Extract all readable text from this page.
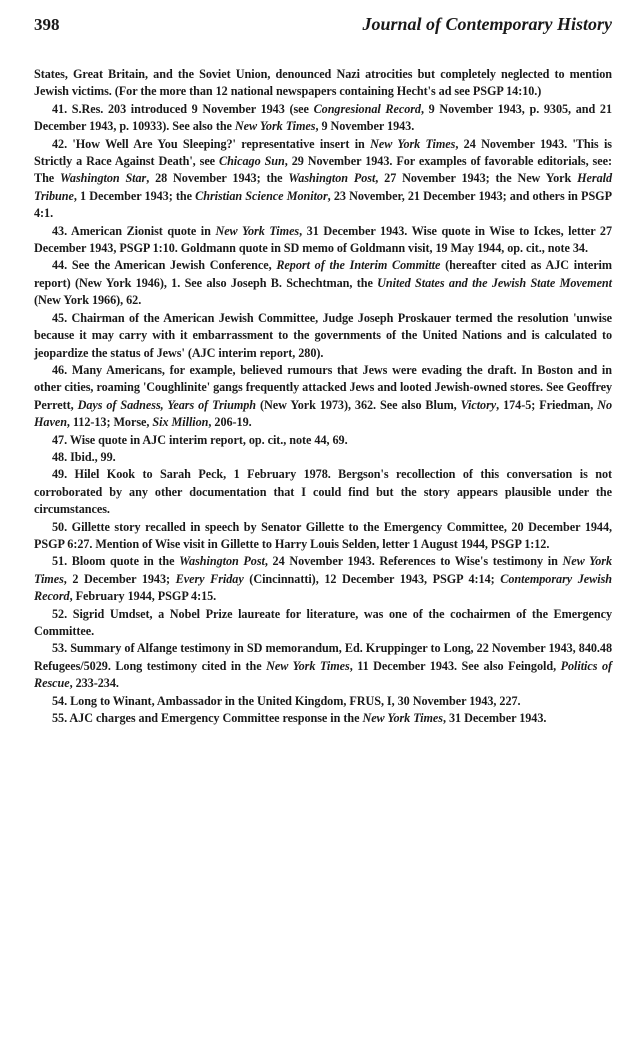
398	Journal of Contemporary History

States, Great Britain, and the Soviet Union, denounced Nazi atrocities but completely neglected to mention Jewish victims. (For the more than 12 national newspapers containing Hecht's ad see PSGP 14:10.)

41. S.Res. 203 introduced 9 November 1943 (see Congresional Record, 9 November 1943, p. 9305, and 21 December 1943, p. 10933). See also the New York Times, 9 November 1943.

42. 'How Well Are You Sleeping?' representative insert in New York Times, 24 November 1943. 'This is Strictly a Race Against Death', see Chicago Sun, 29 November 1943. For examples of favorable editorials, see: The Washington Star, 28 November 1943; the Washington Post, 27 November 1943; the New York Herald Tribune, 1 December 1943; the Christian Science Monitor, 23 November, 21 December 1943; and others in PSGP 4:1.

43. American Zionist quote in New York Times, 31 December 1943. Wise quote in Wise to Ickes, letter 27 December 1943, PSGP 1:10. Goldmann quote in SD memo of Goldmann visit, 19 May 1944, op. cit., note 34.

44. See the American Jewish Conference, Report of the Interim Committe (hereafter cited as AJC interim report) (New York 1946), 1. See also Joseph B. Schechtman, the United States and the Jewish State Movement (New York 1966), 62.

45. Chairman of the American Jewish Committee, Judge Joseph Proskauer termed the resolution 'unwise because it may carry with it embarrassment to the governments of the United Nations and is calculated to jeopardize the status of Jews' (AJC interim report, 280).

46. Many Americans, for example, believed rumours that Jews were evading the draft. In Boston and in other cities, roaming 'Coughlinite' gangs frequently attacked Jews and looted Jewish-owned stores. See Geoffrey Perrett, Days of Sadness, Years of Triumph (New York 1973), 362. See also Blum, Victory, 174-5; Friedman, No Haven, 112-13; Morse, Six Million, 206-19.

47. Wise quote in AJC interim report, op. cit., note 44, 69.

48. Ibid., 99.

49. Hilel Kook to Sarah Peck, 1 February 1978. Bergson's recollection of this conversation is not corroborated by any other documentation that I could find but the story appears plausible under the circumstances.

50. Gillette story recalled in speech by Senator Gillette to the Emergency Committee, 20 December 1944, PSGP 6:27. Mention of Wise visit in Gillette to Harry Louis Selden, letter 1 August 1944, PSGP 1:12.

51. Bloom quote in the Washington Post, 24 November 1943. References to Wise's testimony in New York Times, 2 December 1943; Every Friday (Cincinnatti), 12 December 1943, PSGP 4:14; Contemporary Jewish Record, February 1944, PSGP 4:15.

52. Sigrid Umdset, a Nobel Prize laureate for literature, was one of the cochairmen of the Emergency Committee.

53. Summary of Alfange testimony in SD memorandum, Ed. Kruppinger to Long, 22 November 1943, 840.48 Refugees/5029. Long testimony cited in the New York Times, 11 December 1943. See also Feingold, Politics of Rescue, 233-234.

54. Long to Winant, Ambassador in the United Kingdom, FRUS, I, 30 November 1943, 227.

55. AJC charges and Emergency Committee response in the New York Times, 31 December 1943.
